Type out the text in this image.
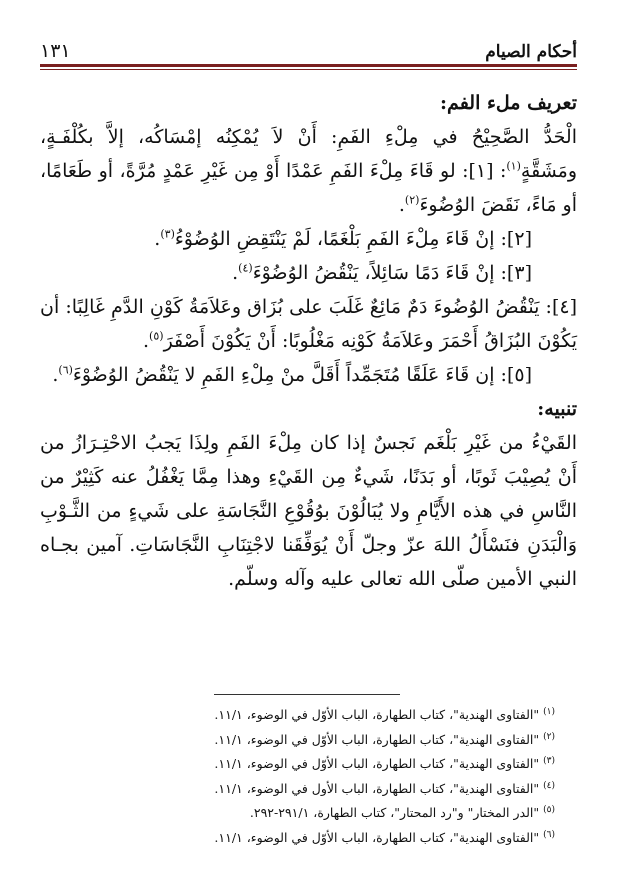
أحكام الصيام
١٣١

تعريف ملء الفم:

الْحَدُّ الصَّحِيْحُ في مِلْءِ الفَمِ: أَنْ لاَ يُمْكِنُه إمْسَاكُه، إلاَّ بكُلْفَـةٍ، ومَشَقَّةٍ$^{(١)}$: [١]: لو قَاءَ مِلْءَ الفَمِ عَمْدًا أَوْ مِن غَيْرِ عَمْدٍ مُرَّةً، أو طَعَامًا، أو مَاءً، نَقَضَ الوُضُوءَ$^{(٢)}$.

[٢]: إنْ قَاءَ مِلْءَ الفَمِ بَلْغَمًا، لَمْ يَنْتَقِضِ الوُضُوْءُ$^{(٣)}$.

[٣]: إنْ قَاءَ دَمًا سَائِلاً، يَنْقُضُ الوُضُوْءَ$^{(٤)}$.

[٤]: يَنْقُضُ الوُضُوءَ دَمٌ مَائِعٌ غَلَبَ على بُزَاق وعَلاَمَةُ كَوْنِ الدَّمِ غَالِبًا: أن يَكُوْنَ البُزَاقُ أَحْمَرَ وعَلاَمَةُ كَوْنِه مَغْلُوبًا: أَنْ يَكُوْنَ أَصْفَرَ$^{(٥)}$.

[٥]: إن قَاءَ عَلَقًا مُتَجَمِّداً أَقَلَّ منْ مِلْءِ الفَمِ لا يَنْقُضُ الوُضُوْءَ$^{(٦)}$.

تنبيه:

القَيْءُ من غَيْرِ بَلْغَم نَجسٌ إذا كان مِلْءَ الفَمِ ولِذَا يَجبُ الاحْتِـرَازُ من أَنْ يُصِيْبَ ثَوبًا، أو بَدَنًا، شَيءٌ مِن القَيْءِ وهذا مِمَّا يَغْفُلُ عنه كَثِيْرٌ من النَّاسِ في هذه الأَيَّامِ ولا يُبَالُوْنَ بوُقُوْعِ النَّجَاسَةِ على شَيءٍ من الثَّـوْبِ وَالْبَدَنِ فنَسْأَلُ اللهَ عزّ وجلّ أَنْ يُوَفِّقَنا لاجْتِنَابِ النَّجَاسَاتِ. آمين بجـاه النبي الأمين صلّى الله تعالى عليه وآله وسلّم.

$^{(١)}$ "الفتاوى الهندية"، كتاب الطهارة، الباب الأوّل في الوضوء، ١١/١.
$^{(٢)}$ "الفتاوى الهندية"، كتاب الطهارة، الباب الأوّل في الوضوء، ١١/١.
$^{(٣)}$ "الفتاوى الهندية"، كتاب الطهارة، الباب الأوّل في الوضوء، ١١/١.
$^{(٤)}$ "الفتاوى الهندية"، كتاب الطهارة، الباب الأول في الوضوء، ١١/١.
$^{(٥)}$ "الدر المختار" و"رد المحتار"، كتاب الطهارة، ٢٩١/١-٢٩٢.
$^{(٦)}$ "الفتاوى الهندية"، كتاب الطهارة، الباب الأوّل في الوضوء، ١١/١.
